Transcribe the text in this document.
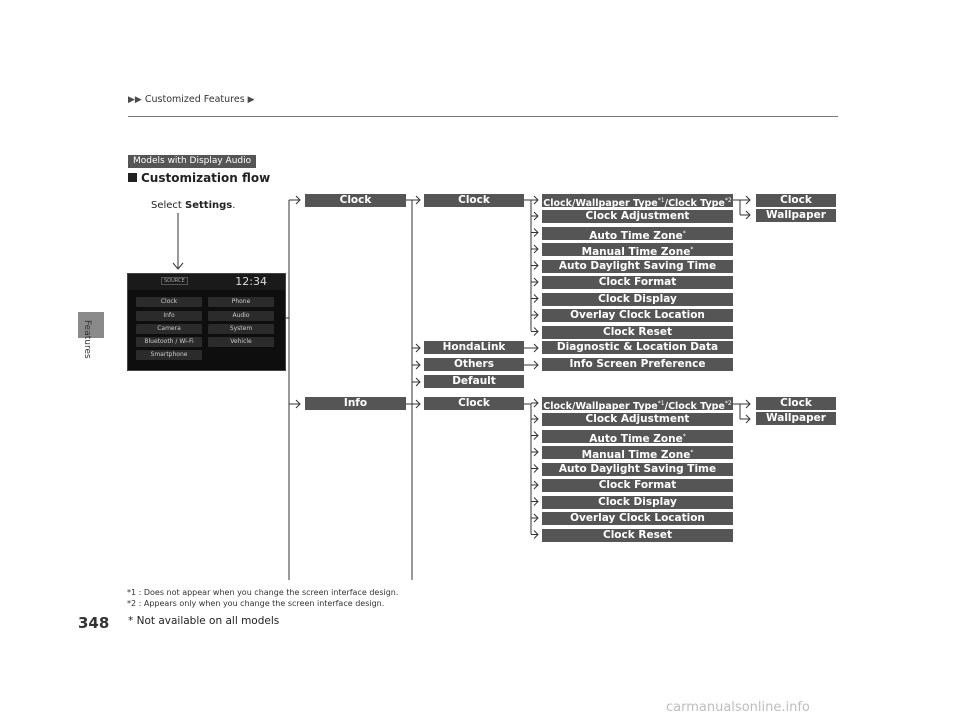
▶▶ Customized Features ▶
Features
348
Models with Display Audio
Customization flow
Select Settings.
SOURCE	12:34
Clock	Phone
Info	Audio
Camera	System
Bluetooth / Wi-Fi	Vehicle
Smartphone
Clock
Info
Clock
HondaLink
Others
Default
Clock
Diagnostic & Location Data
Info Screen Preference
Clock/Wallpaper Type$^{*1}$/Clock Type$^{*2}$
Clock Adjustment
Auto Time Zone*
Manual Time Zone*
Auto Daylight Saving Time
Clock Format
Clock Display
Overlay Clock Location
Clock Reset
Clock/Wallpaper Type$^{*1}$/Clock Type$^{*2}$
Clock Adjustment
Auto Time Zone*
Manual Time Zone*
Auto Daylight Saving Time
Clock Format
Clock Display
Overlay Clock Location
Clock Reset
Clock
Wallpaper
Clock
Wallpaper
*1 : Does not appear when you change the screen interface design.
*2 : Appears only when you change the screen interface design.
* Not available on all models
carmanualsonline.info
